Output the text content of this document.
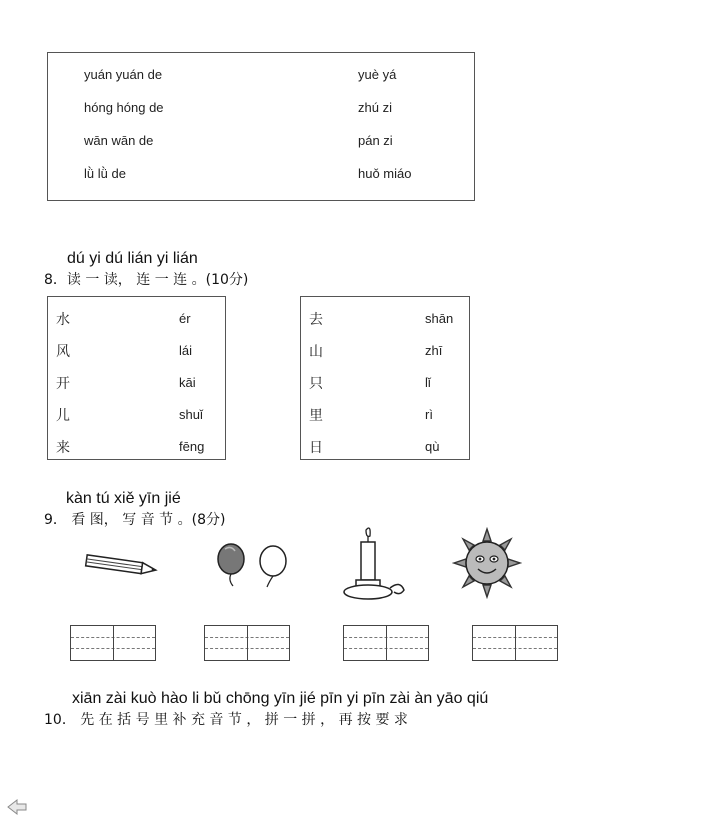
yuán yuán de	yuè yá
hóng hóng de	zhú zi
wān wān de	pán zi
lǜ lǜ de	huǒ miáo
dú yi dú lián yi lián
8．读 一 读， 连 一 连 。(10分)
水	ér
风	lái
开	kāi
儿	shuǐ
来	fēng
去	shān
山	zhī
只	lǐ
里	rì
日	qù
kàn tú xiě yīn jié
9． 看 图， 写 音 节 。(8分)
xiān zài kuò hào li bǔ chōng yīn jié pīn yi pīn zài àn yāo qiú
10． 先 在 括 号 里 补 充 音 节 ， 拼 一 拼 ， 再 按 要 求
